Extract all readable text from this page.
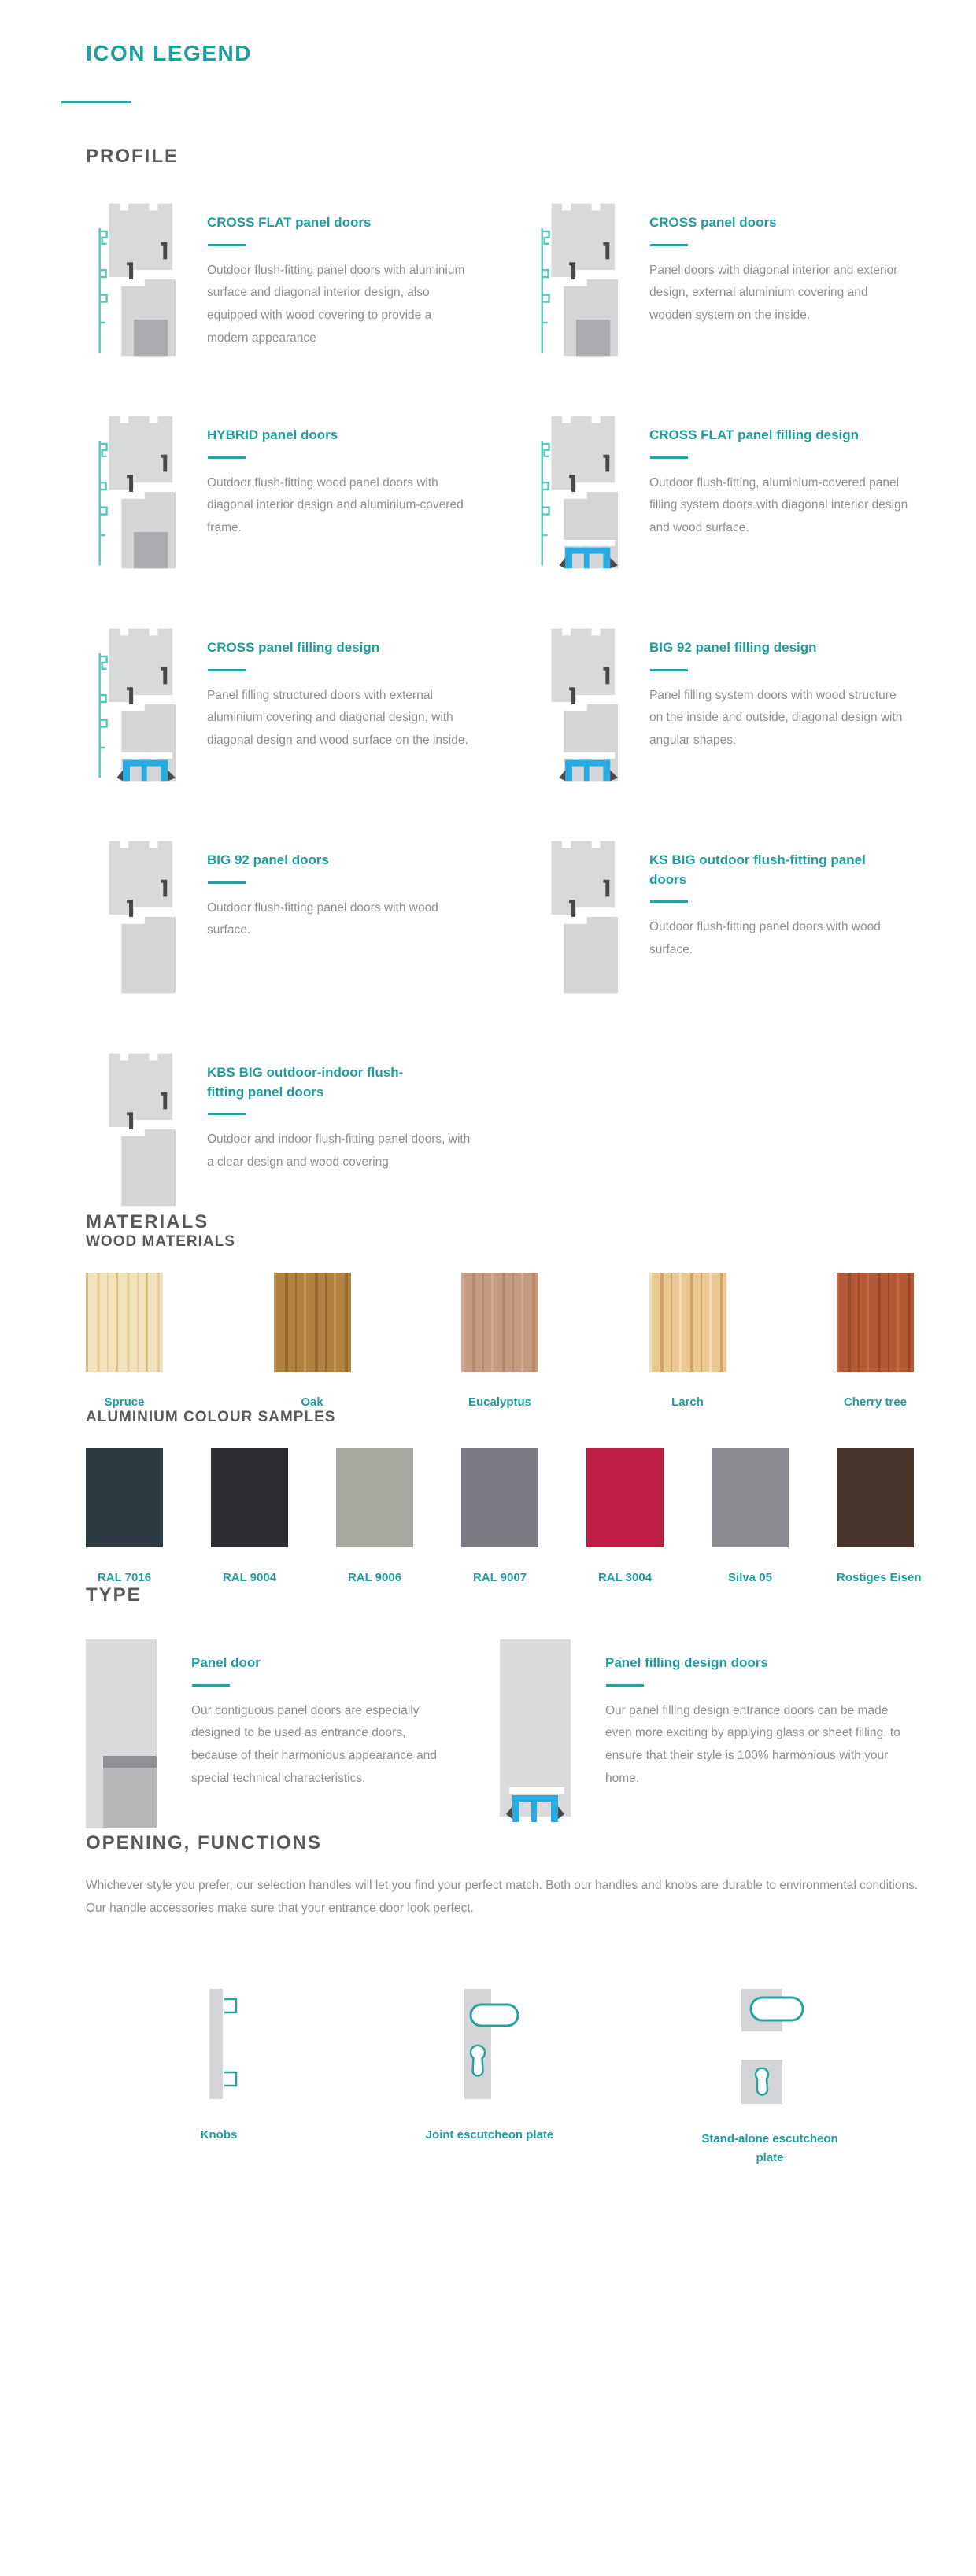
ICON LEGEND
PROFILE

CROSS FLAT panel doors

Outdoor flush-fitting panel doors with aluminium surface and diagonal interior design, also equipped with wood covering to provide a modern appearance

CROSS panel doors

Panel doors with diagonal interior and exterior design, external aluminium covering and wooden system on the inside.

HYBRID panel doors

Outdoor flush-fitting wood panel doors with diagonal interior design and aluminium-covered frame.

CROSS FLAT panel filling design

Outdoor flush-fitting, aluminium-covered panel filling system doors with diagonal interior design and wood surface.

CROSS panel filling design

Panel filling structured doors with external aluminium covering and diagonal design, with diagonal design and wood surface on the inside.

BIG 92 panel filling design

Panel filling system doors with wood structure on the inside and outside, diagonal design with angular shapes.

BIG 92 panel doors

Outdoor flush-fitting panel doors with wood surface.

KS BIG outdoor flush-fitting panel doors

Outdoor flush-fitting panel doors with wood surface.

KBS BIG outdoor-indoor flush-fitting panel doors

Outdoor and indoor flush-fitting panel doors, with a clear design and wood covering

MATERIALS
WOOD MATERIALS
Spruce	Oak	Eucalyptus	Larch	Cherry tree
ALUMINIUM COLOUR SAMPLES
RAL 7016	RAL 9004	RAL 9006	RAL 9007	RAL 3004	Silva 05	Rostiges Eisen
TYPE

Panel door

Our contiguous panel doors are especially designed to be used as entrance doors, because of their harmonious appearance and special technical characteristics.

Panel filling design doors

Our panel filling design entrance doors can be made even more exciting by applying glass or sheet filling, to ensure that their style is 100% harmonious with your home.

OPENING, FUNCTIONS

Whichever style you prefer, our selection handles will let you find your perfect match. Both our handles and knobs are durable to environmental conditions. Our handle accessories make sure that your entrance door look perfect.

Knobs	Joint escutcheon plate	Stand-alone escutcheon plate
